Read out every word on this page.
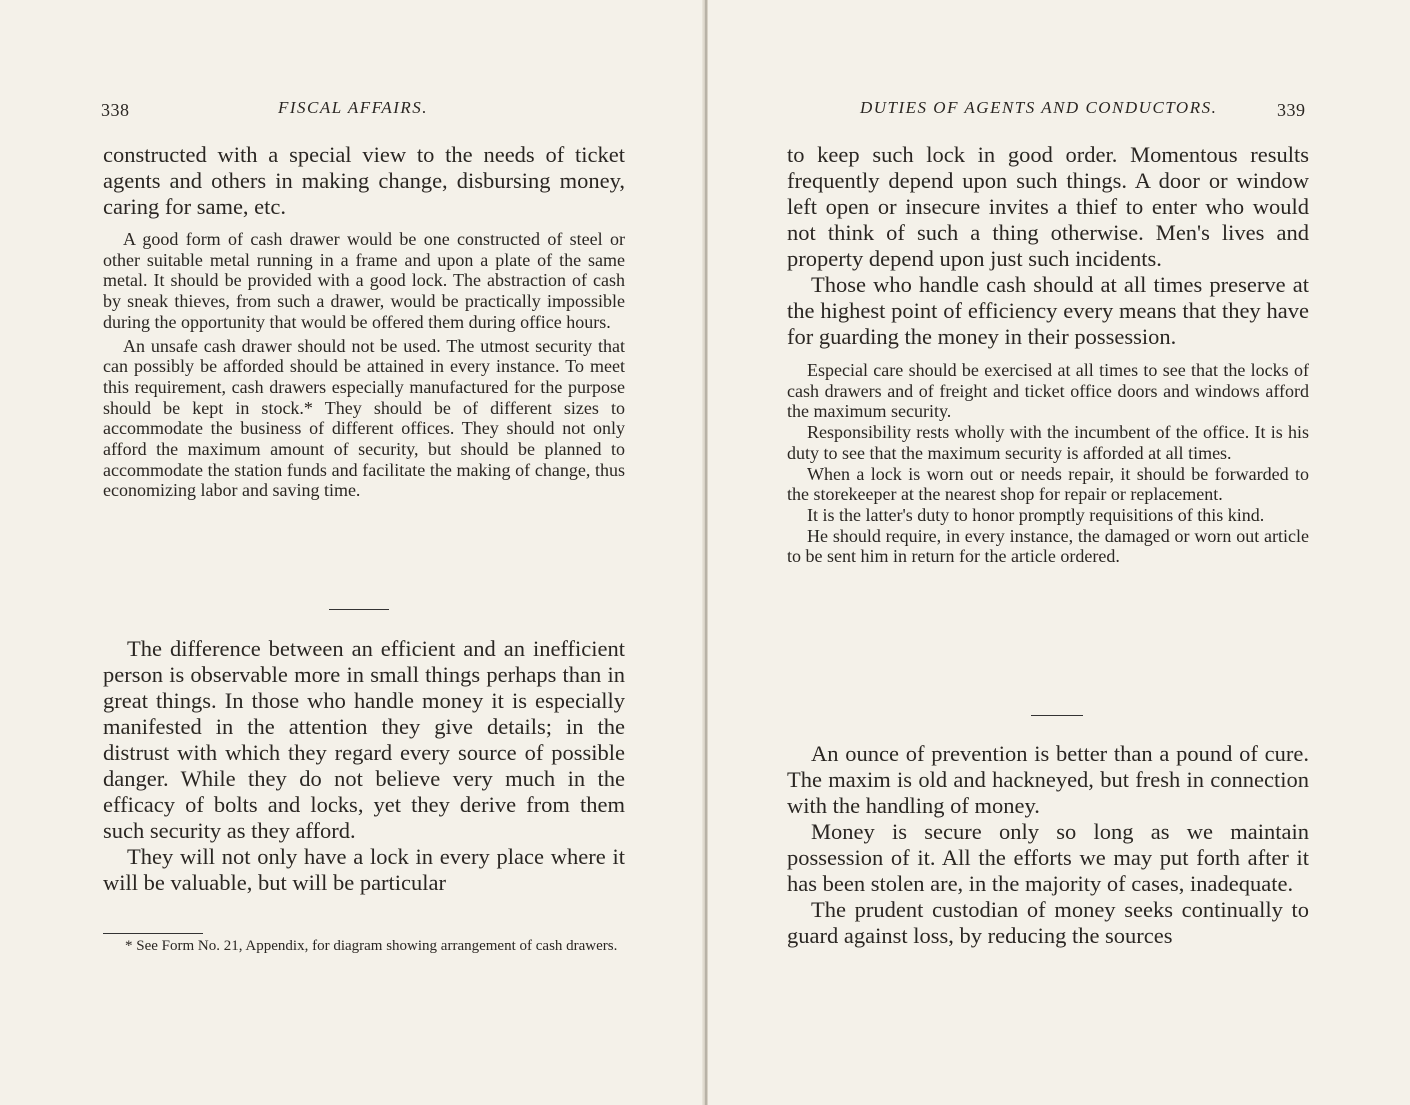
338	FISCAL AFFAIRS.

constructed with a special view to the needs of ticket agents and others in making change, disbursing money, caring for same, etc.

A good form of cash drawer would be one constructed of steel or other suitable metal running in a frame and upon a plate of the same metal. It should be provided with a good lock. The abstraction of cash by sneak thieves, from such a drawer, would be practically impossible during the opportunity that would be offered them during office hours.

An unsafe cash drawer should not be used. The utmost security that can possibly be afforded should be attained in every instance. To meet this requirement, cash drawers especially manufactured for the purpose should be kept in stock.* They should be of different sizes to accommodate the business of different offices. They should not only afford the maximum amount of security, but should be planned to accommodate the station funds and facilitate the making of change, thus economizing labor and saving time.

The difference between an efficient and an inefficient person is observable more in small things perhaps than in great things. In those who handle money it is especially manifested in the attention they give details; in the distrust with which they regard every source of possible danger. While they do not believe very much in the efficacy of bolts and locks, yet they derive from them such security as they afford.

They will not only have a lock in every place where it will be valuable, but will be particular

* See Form No. 21, Appendix, for diagram showing arrangement of cash drawers.

DUTIES OF AGENTS AND CONDUCTORS.	339

to keep such lock in good order. Momentous results frequently depend upon such things. A door or window left open or insecure invites a thief to enter who would not think of such a thing otherwise. Men's lives and property depend upon just such incidents.

Those who handle cash should at all times preserve at the highest point of efficiency every means that they have for guarding the money in their possession.

Especial care should be exercised at all times to see that the locks of cash drawers and of freight and ticket office doors and windows afford the maximum security.

Responsibility rests wholly with the incumbent of the office. It is his duty to see that the maximum security is afforded at all times.

When a lock is worn out or needs repair, it should be forwarded to the storekeeper at the nearest shop for repair or replacement.

It is the latter's duty to honor promptly requisitions of this kind.

He should require, in every instance, the damaged or worn out article to be sent him in return for the article ordered.

An ounce of prevention is better than a pound of cure. The maxim is old and hackneyed, but fresh in connection with the handling of money.

Money is secure only so long as we maintain possession of it. All the efforts we may put forth after it has been stolen are, in the majority of cases, inadequate.

The prudent custodian of money seeks continually to guard against loss, by reducing the sources
